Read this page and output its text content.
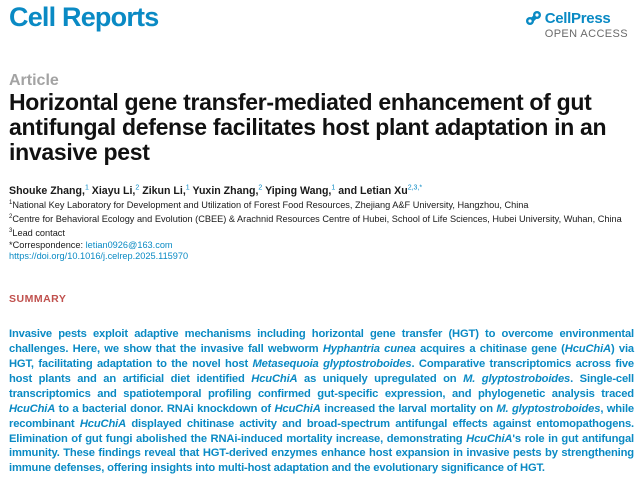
Cell Reports	CellPress
OPEN ACCESS
Article
Horizontal gene transfer-mediated enhancement of gut antifungal defense facilitates host plant adaptation in an invasive pest
Shouke Zhang,$^1$ Xiayu Li,$^2$ Zikun Li,$^1$ Yuxin Zhang,$^2$ Yiping Wang,$^1$ and Letian $Xu^{2,3,*}$
$^1$National Key Laboratory for Development and Utilization of Forest Food Resources, Zhejiang A&F University, Hangzhou, China
$^2$Centre for Behavioral Ecology and Evolution (CBEE) & Arachnid Resources Centre of Hubei, School of Life Sciences, Hubei University, Wuhan, China
$^3$Lead contact
*Correspondence: letian0926@163.com
https://doi.org/10.1016/j.celrep.2025.115970
SUMMARY

Invasive pests exploit adaptive mechanisms including horizontal gene transfer (HGT) to overcome environmental challenges. Here, we show that the invasive fall webworm Hyphantria cunea acquires a chitinase gene (HcuChiA) via HGT, facilitating adaptation to the novel host Metasequoia glyptostroboides. Comparative transcriptomics across five host plants and an artificial diet identified HcuChiA as uniquely upregulated on M. glyptostroboides. Single-cell transcriptomics and spatiotemporal profiling confirmed gut-specific expression, and phylogenetic analysis traced HcuChiA to a bacterial donor. RNAi knockdown of HcuChiA increased the larval mortality on M. glyptostroboides, while recombinant HcuChiA displayed chitinase activity and broad-spectrum antifungal effects against entomopathogens. Elimination of gut fungi abolished the RNAi-induced mortality increase, demonstrating HcuChiA's role in gut antifungal immunity. These findings reveal that HGT-derived enzymes enhance host expansion in invasive pests by strengthening immune defenses, offering insights into multi-host adaptation and the evolutionary significance of HGT.
